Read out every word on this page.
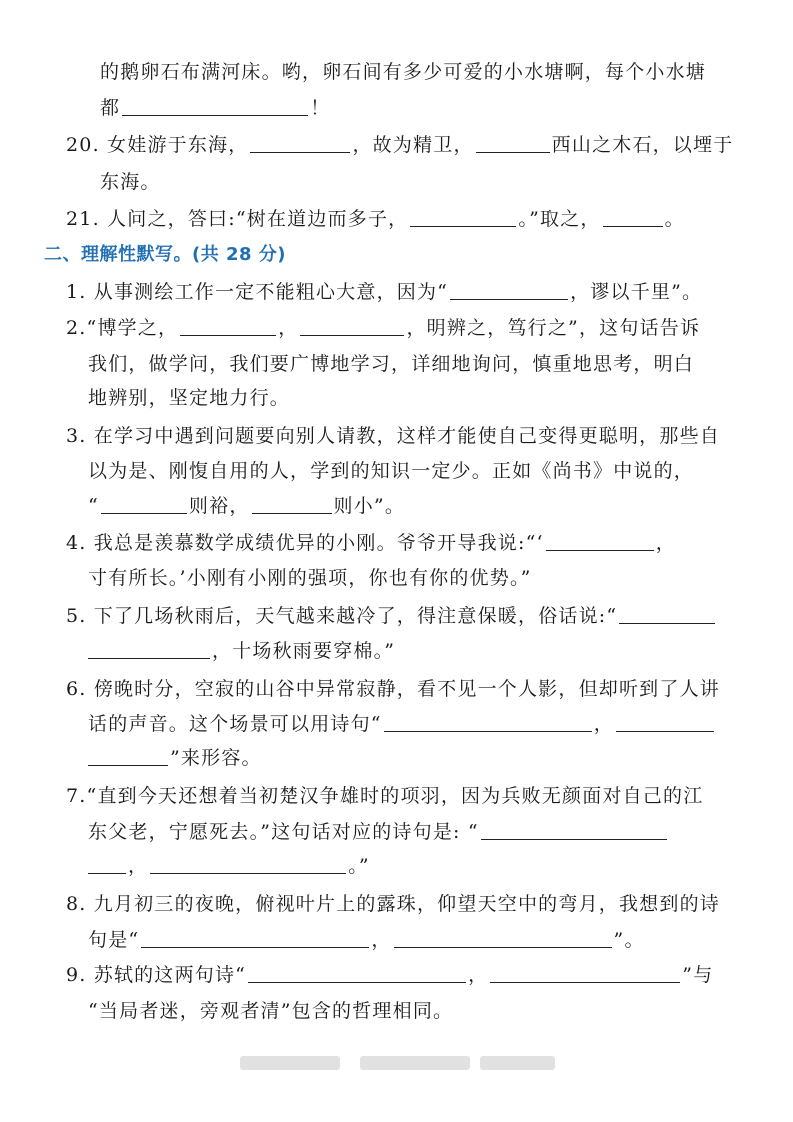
的鹅卵石布满河床。哟，卵石间有多少可爱的小水塘啊，每个小水塘
都	！
20. 女娃游于东海，	，故为精卫，	西山之木石，以堙于
东海。
21. 人问之，答曰:“树在道边而多子，	。”取之，	。
二、理解性默写。(共 28 分)
1. 从事测绘工作一定不能粗心大意，因为“	，谬以千里”。
2.“博学之，	，	，明辨之，笃行之”，这句话告诉
我们，做学问，我们要广博地学习，详细地询问，慎重地思考，明白
地辨别，坚定地力行。
3. 在学习中遇到问题要向别人请教，这样才能使自己变得更聪明，那些自
以为是、刚愎自用的人，学到的知识一定少。正如《尚书》中说的，
“	则裕，	则小”。
4. 我总是羡慕数学成绩优异的小刚。爷爷开导我说:“‘	，
寸有所长。’小刚有小刚的强项，你也有你的优势。”
5. 下了几场秋雨后，天气越来越冷了，得注意保暖，俗话说:“
，十场秋雨要穿棉。”
6. 傍晚时分，空寂的山谷中异常寂静，看不见一个人影，但却听到了人讲
话的声音。这个场景可以用诗句“	，
”来形容。
7.“直到今天还想着当初楚汉争雄时的项羽，因为兵败无颜面对自己的江
东父老，宁愿死去。”这句话对应的诗句是: “
，	。”
8. 九月初三的夜晚，俯视叶片上的露珠，仰望天空中的弯月，我想到的诗
句是“	，	”。
9. 苏轼的这两句诗“	，	”与
“当局者迷，旁观者清”包含的哲理相同。
